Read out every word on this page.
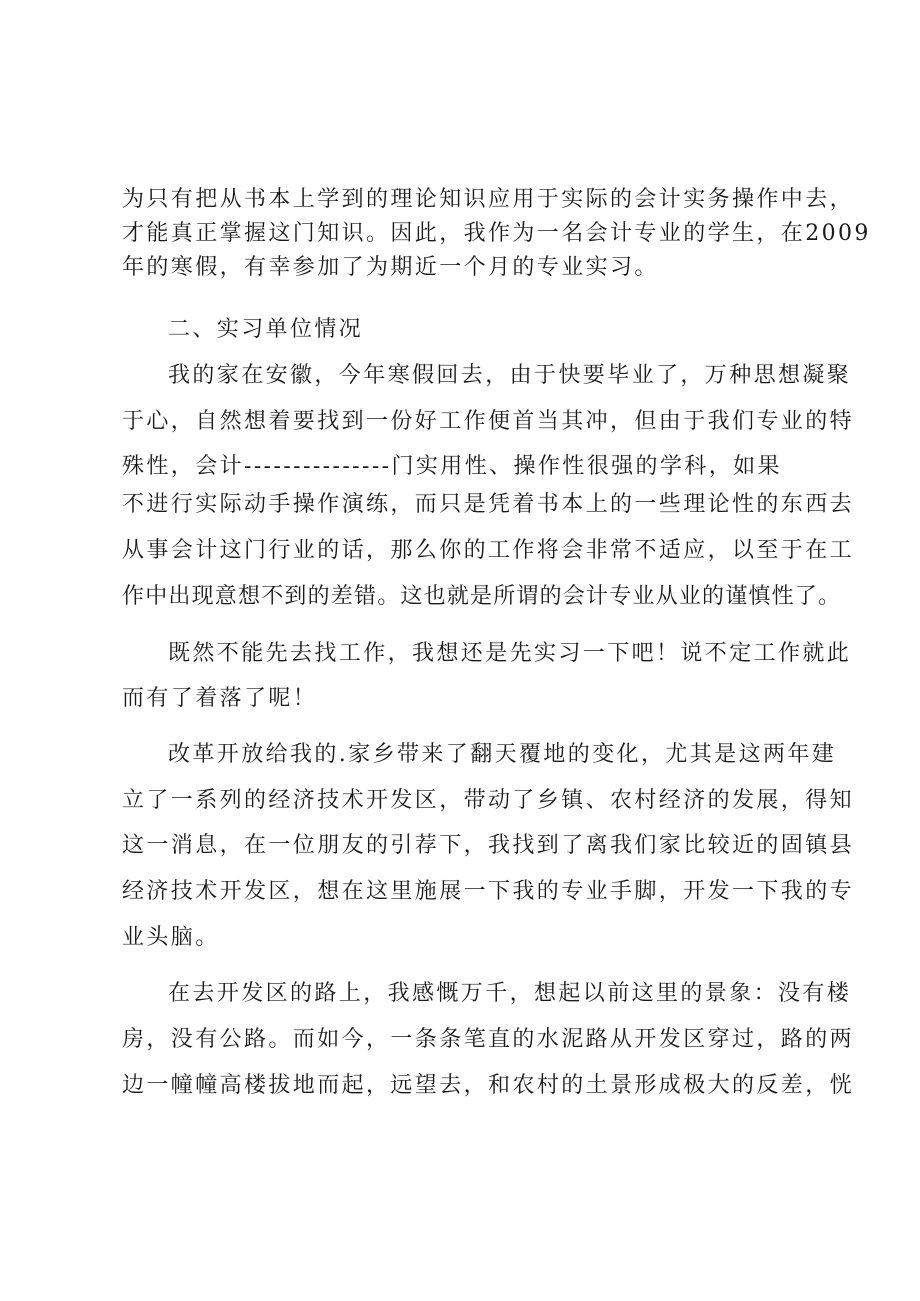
为只有把从书本上学到的理论知识应用于实际的会计实务操作中去，
才能真正掌握这门知识。因此，我作为一名会计专业的学生，在2009
年的寒假，有幸参加了为期近一个月的专业实习。
二、实习单位情况
我的家在安徽，今年寒假回去，由于快要毕业了，万种思想凝聚
于心，自然想着要找到一份好工作便首当其冲，但由于我们专业的特
殊性，会计---------------门实用性、操作性很强的学科，如果
不进行实际动手操作演练，而只是凭着书本上的一些理论性的东西去
从事会计这门行业的话，那么你的工作将会非常不适应，以至于在工
作中出现意想不到的差错。这也就是所谓的会计专业从业的谨慎性了。
既然不能先去找工作，我想还是先实习一下吧！说不定工作就此
而有了着落了呢！
改革开放给我的.家乡带来了翻天覆地的变化，尤其是这两年建
立了一系列的经济技术开发区，带动了乡镇、农村经济的发展，得知
这一消息，在一位朋友的引荐下，我找到了离我们家比较近的固镇县
经济技术开发区，想在这里施展一下我的专业手脚，开发一下我的专
业头脑。
在去开发区的路上，我感慨万千，想起以前这里的景象：没有楼
房，没有公路。而如今，一条条笔直的水泥路从开发区穿过，路的两
边一幢幢高楼拔地而起，远望去，和农村的土景形成极大的反差，恍
